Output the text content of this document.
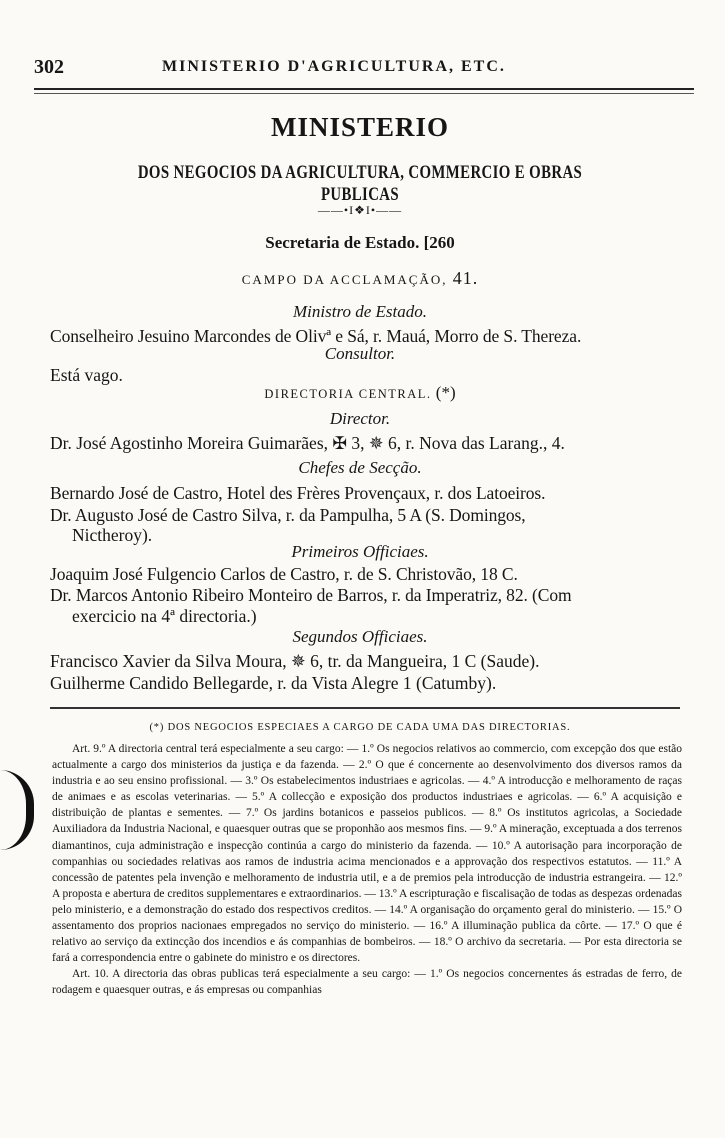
302	MINISTERIO D'AGRICULTURA, ETC.
MINISTERIO
DOS NEGOCIOS DA AGRICULTURA, COMMERCIO E OBRAS PUBLICAS
——•I❖I•——
Secretaria de Estado. [260
CAMPO DA ACCLAMAÇÃO, 41.
Ministro de Estado.
Conselheiro Jesuino Marcondes de Olivª e Sá, r. Mauá, Morro de S. Thereza.
Consultor.
Está vago.
DIRECTORIA CENTRAL. (*)
Director.
Dr. José Agostinho Moreira Guimarães, ✠ 3, ✵ 6, r. Nova das Larang., 4.
Chefes de Secção.
Bernardo José de Castro, Hotel des Frères Provençaux, r. dos Latoeiros.
Dr. Augusto José de Castro Silva, r. da Pampulha, 5 A (S. Domingos,
Nictheroy).
Primeiros Officiaes.
Joaquim José Fulgencio Carlos de Castro, r. de S. Christovão, 18 C.
Dr. Marcos Antonio Ribeiro Monteiro de Barros, r. da Imperatriz, 82. (Com
exercicio na 4ª directoria.)
Segundos Officiaes.
Francisco Xavier da Silva Moura, ✵ 6, tr. da Mangueira, 1 C (Saude).
Guilherme Candido Bellegarde, r. da Vista Alegre 1 (Catumby).
(*) DOS NEGOCIOS ESPECIAES A CARGO DE CADA UMA DAS DIRECTORIAS.

Art. 9.º A directoria central terá especialmente a seu cargo: — 1.º Os negocios relativos ao commercio, com excepção dos que estão actualmente a cargo dos ministerios da justiça e da fazenda. — 2.º O que é concernente ao desenvolvimento dos diversos ramos da industria e ao seu ensino profissional. — 3.º Os estabelecimentos industriaes e agricolas. — 4.º A introducção e melhoramento de raças de animaes e as escolas veterinarias. — 5.º A collecção e exposição dos productos industriaes e agricolas. — 6.º A acquisição e distribuição de plantas e sementes. — 7.º Os jardins botanicos e passeios publicos. — 8.º Os institutos agricolas, a Sociedade Auxiliadora da Industria Nacional, e quaesquer outras que se proponhão aos mesmos fins. — 9.º A mineração, exceptuada a dos terrenos diamantinos, cuja administração e inspecção continúa a cargo do ministerio da fazenda. — 10.º A autorisação para incorporação de companhias ou sociedades relativas aos ramos de industria acima mencionados e a approvação dos respectivos estatutos. — 11.º A concessão de patentes pela invenção e melhoramento de industria util, e a de premios pela introducção de industria estrangeira. — 12.º A proposta e abertura de creditos supplementares e extraordinarios. — 13.º A escripturação e fiscalisação de todas as despezas ordenadas pelo ministerio, e a demonstração do estado dos respectivos creditos. — 14.º A organisação do orçamento geral do ministerio. — 15.º O assentamento dos proprios nacionaes empregados no serviço do ministerio. — 16.º A illuminação publica da côrte. — 17.º O que é relativo ao serviço da extincção dos incendios e ás companhias de bombeiros. — 18.º O archivo da secretaria. — Por esta directoria se fará a correspondencia entre o gabinete do ministro e os directores.

Art. 10. A directoria das obras publicas terá especialmente a seu cargo: — 1.º Os negocios concernentes ás estradas de ferro, de rodagem e quaesquer outras, e ás empresas ou companhias
